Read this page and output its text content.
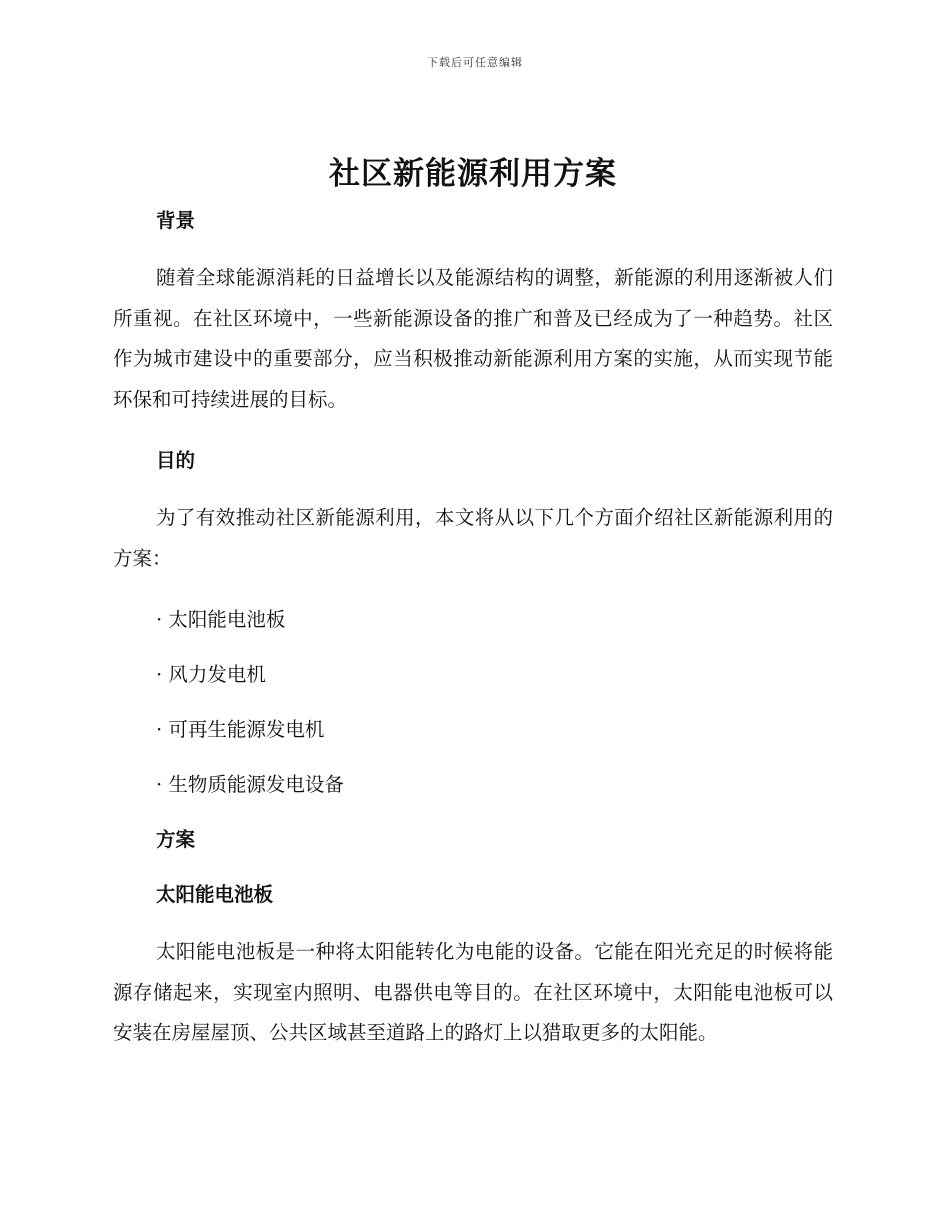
下载后可任意编辑
社区新能源利用方案
背景

随着全球能源消耗的日益增长以及能源结构的调整，新能源的利用逐渐被人们所重视。在社区环境中，一些新能源设备的推广和普及已经成为了一种趋势。社区作为城市建设中的重要部分，应当积极推动新能源利用方案的实施，从而实现节能环保和可持续进展的目标。

目的

为了有效推动社区新能源利用，本文将从以下几个方面介绍社区新能源利用的方案：

· 太阳能电池板

· 风力发电机

· 可再生能源发电机

· 生物质能源发电设备

方案
太阳能电池板

太阳能电池板是一种将太阳能转化为电能的设备。它能在阳光充足的时候将能源存储起来，实现室内照明、电器供电等目的。在社区环境中，太阳能电池板可以安装在房屋屋顶、公共区域甚至道路上的路灯上以猎取更多的太阳能。
